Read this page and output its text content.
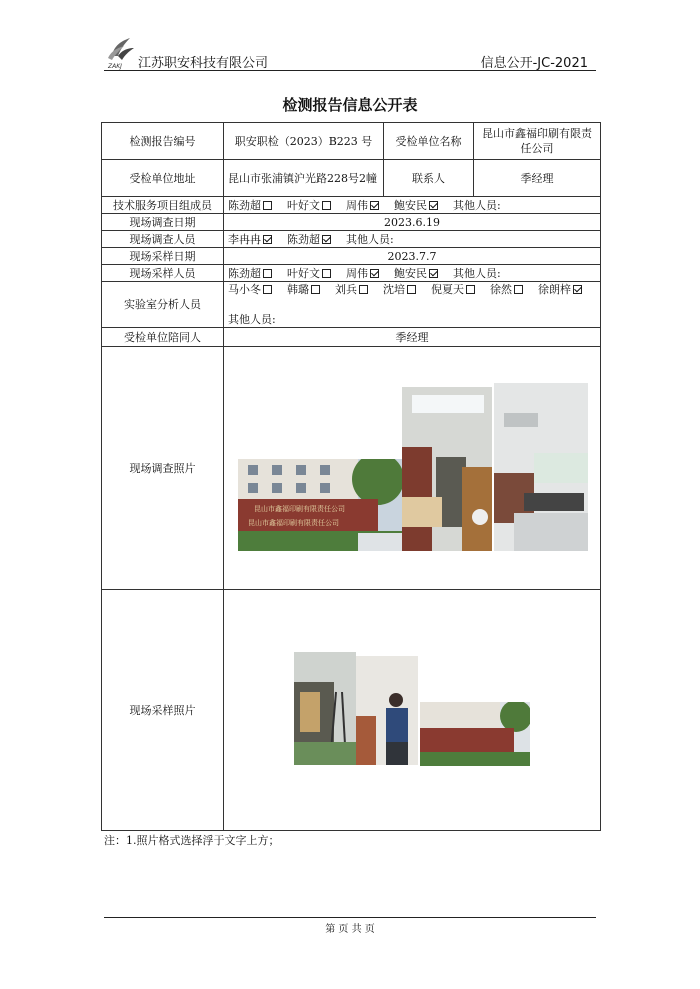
ZAKJ 江苏职安科技有限公司	信息公开-JC-2021
检测报告信息公开表
检测报告编号	职安职检（2023）B223 号	受检单位名称	昆山市鑫福印刷有限责任公司
受检单位地址	昆山市张浦镇沪光路228号2幢	联系人	季经理
技术服务项目组成员	陈劲超 叶好文 周伟 鲍安民 其他人员:		
现场调查日期	2023.6.19		
现场调查人员	李冉冉 陈劲超 其他人员:		
现场采样日期	2023.7.7		
现场采样人员	陈劲超 叶好文 周伟 鲍安民 其他人员:		
实验室分析人员	马小冬 韩璐 刘兵 沈培 倪夏天 徐然 徐朗梓
其他人员:		
受检单位陪同人	季经理		
现场调查照片	昆山市鑫福印刷有限责任公司
昆山市鑫福印刷有限责任公司		

现场采样照片	
注：1.照片格式选择浮于文字上方；
第 页 共 页
